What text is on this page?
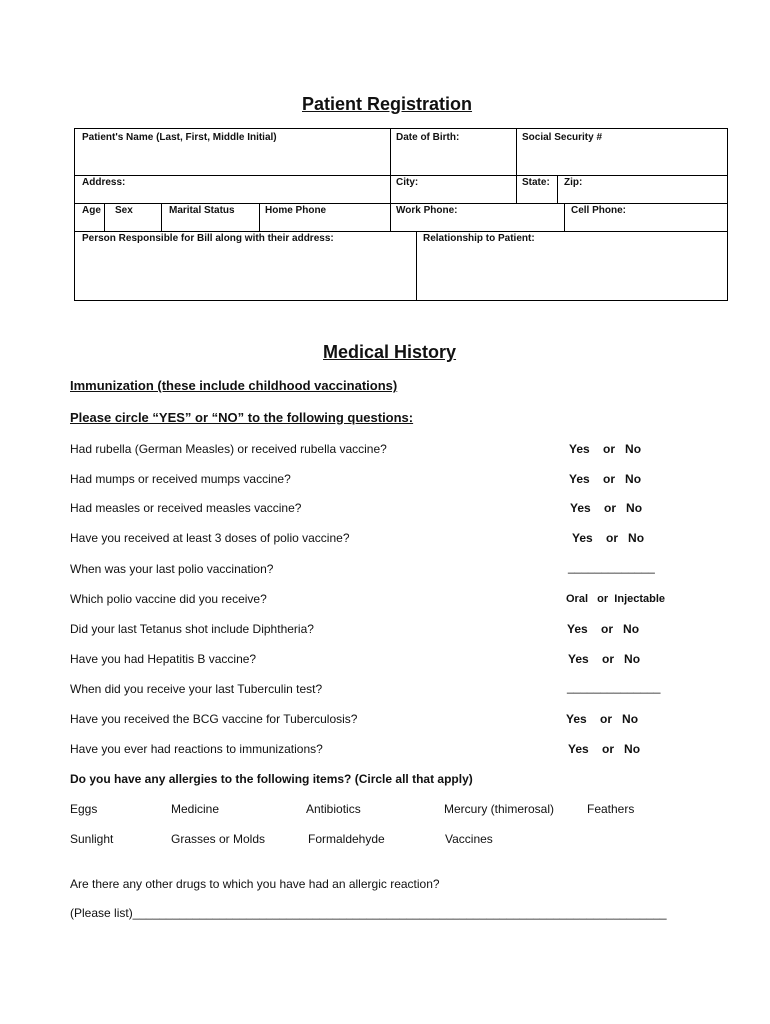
Patient Registration
Patient's Name (Last, First, Middle Initial)	Date of Birth:	Social Security #
Address:	City:	State: Zip:
Age Sex	Marital Status	Home Phone	Work Phone:	Cell Phone:
Person Responsible for Bill along with their address:	Relationship to Patient:
Medical History
Immunization (these include childhood vaccinations)
Please circle “YES” or “NO” to the following questions:
Had rubella (German Measles) or received rubella vaccine?	Yes    or   No
Had mumps or received mumps vaccine?	Yes    or   No
Had measles or received measles vaccine?	Yes    or   No
Have you received at least 3 doses of polio vaccine?	Yes    or   No
When was your last polio vaccination?	_____________
Which polio vaccine did you receive?	Oral   or  Injectable
Did your last Tetanus shot include Diphtheria?	Yes    or   No
Have you had Hepatitis B vaccine?	Yes    or   No
When did you receive your last Tuberculin test?	______________
Have you received the BCG vaccine for Tuberculosis?	Yes    or   No
Have you ever had reactions to immunizations?	Yes    or   No
Do you have any allergies to the following items? (Circle all that apply)
Eggs	Medicine	Antibiotics	Mercury (thimerosal)	Feathers
Sunlight	Grasses or Molds	Formaldehyde	Vaccines
Are there any other drugs to which you have had an allergic reaction?
(Please list)________________________________________________________________________________
